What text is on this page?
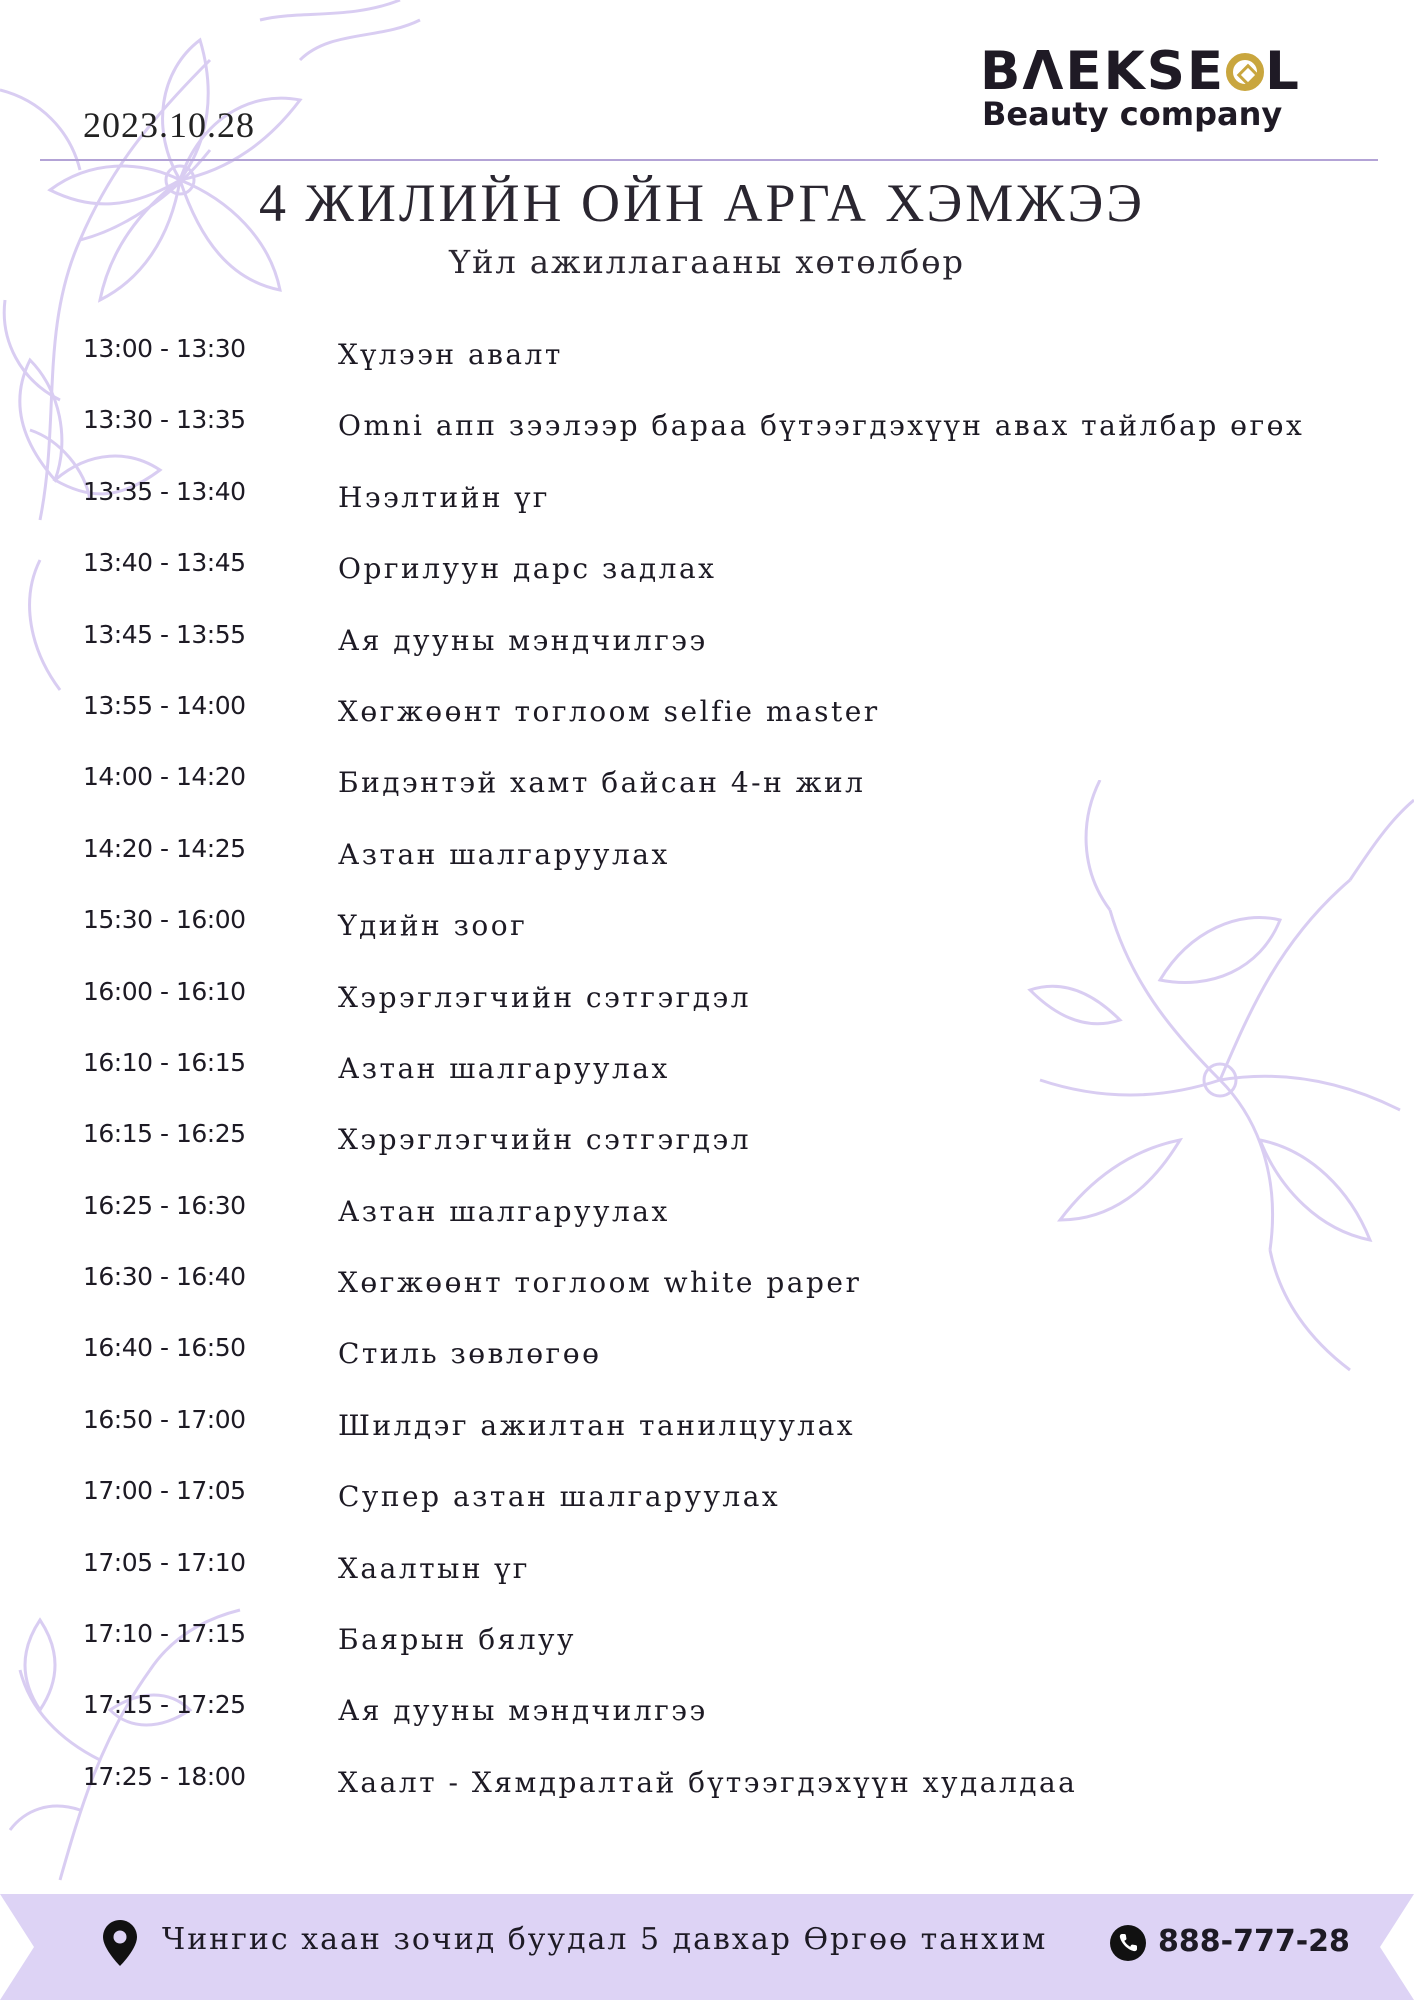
2023.10.28
BΛEKSE L
Beauty company
4 ЖИЛИЙН ОЙН АРГА ХЭМЖЭЭ
Үйл ажиллагааны хөтөлбөр
13:00 - 13:30	Хүлээн авалт
13:30 - 13:35	Omni апп зээлээр бараа бүтээгдэхүүн авах тайлбар өгөх
13:35 - 13:40	Нээлтийн үг
13:40 - 13:45	Оргилуун дарс задлах
13:45 - 13:55	Ая дууны мэндчилгээ
13:55 - 14:00	Хөгжөөнт тоглоом selfie master
14:00 - 14:20	Бидэнтэй хамт байсан 4-н жил
14:20 - 14:25	Азтан шалгаруулах
15:30 - 16:00	Үдийн зоог
16:00 - 16:10	Хэрэглэгчийн сэтгэгдэл
16:10 - 16:15	Азтан шалгаруулах
16:15 - 16:25	Хэрэглэгчийн сэтгэгдэл
16:25 - 16:30	Азтан шалгаруулах
16:30 - 16:40	Хөгжөөнт тоглоом white paper
16:40 - 16:50	Стиль зөвлөгөө
16:50 - 17:00	Шилдэг ажилтан танилцуулах
17:00 - 17:05	Супер азтан шалгаруулах
17:05 - 17:10	Хаалтын үг
17:10 - 17:15	Баярын бялуу
17:15 - 17:25	Ая дууны мэндчилгээ
17:25 - 18:00	Хаалт - Хямдралтай бүтээгдэхүүн худалдаа
Чингис хаан зочид буудал 5 давхар Өргөө танхим	888-777-28
